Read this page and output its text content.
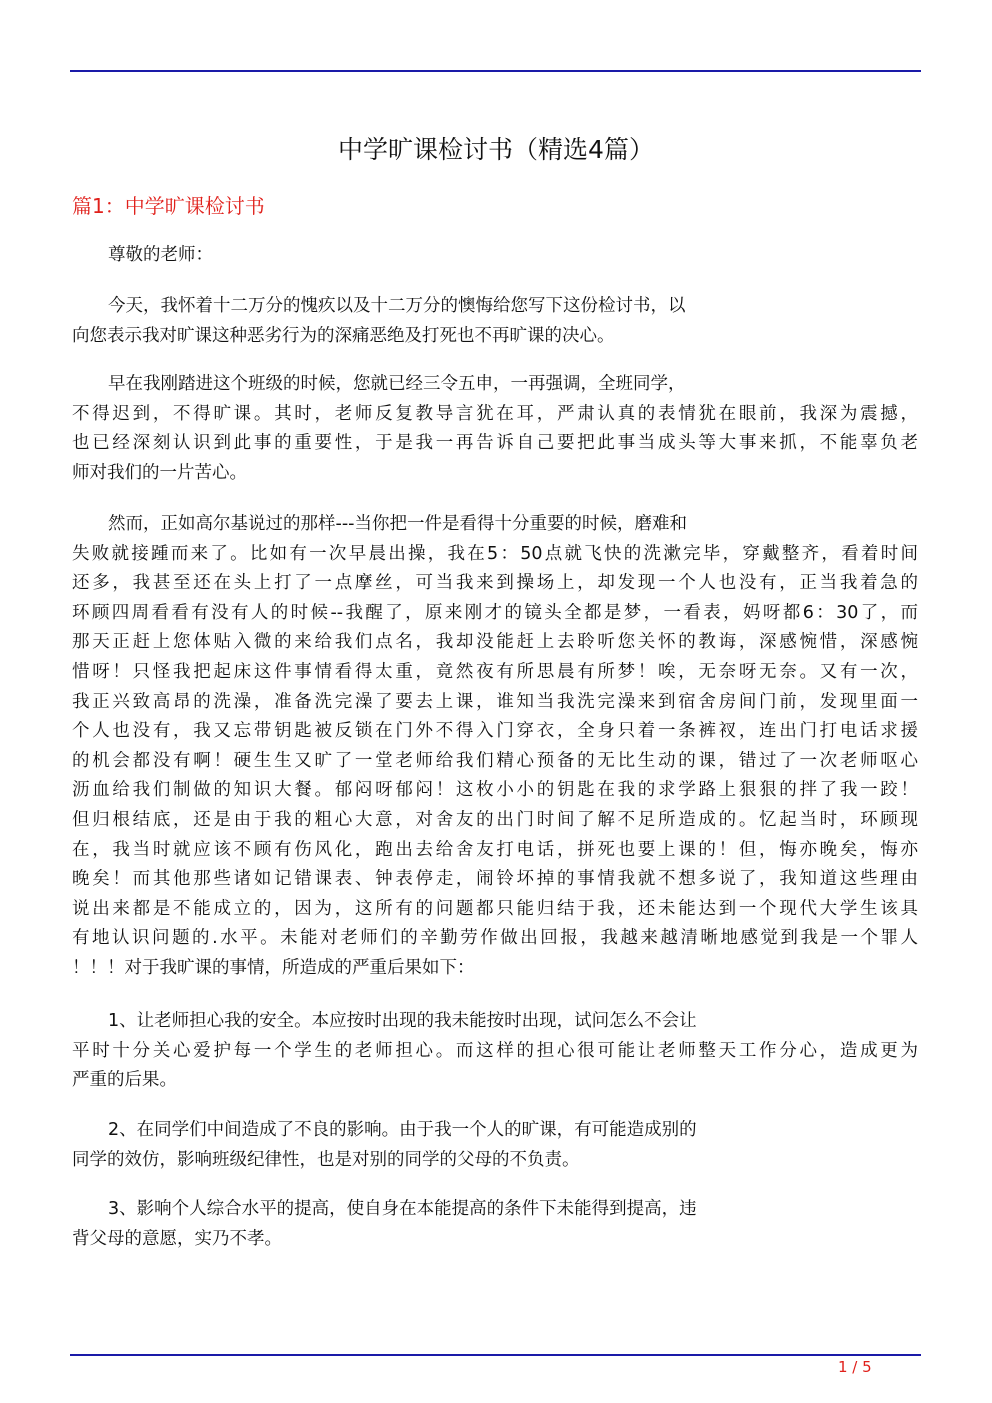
中学旷课检讨书（精选4篇）
篇1：中学旷课检讨书
尊敬的老师：
今天，我怀着十二万分的愧疚以及十二万分的懊悔给您写下这份检讨书，以
向您表示我对旷课这种恶劣行为的深痛恶绝及打死也不再旷课的决心。
早在我刚踏进这个班级的时候，您就已经三令五申，一再强调，全班同学，
不得迟到，不得旷课。其时，老师反复教导言犹在耳，严肃认真的表情犹在眼前，我深为震撼，
也已经深刻认识到此事的重要性，于是我一再告诉自己要把此事当成头等大事来抓，不能辜负老
师对我们的一片苦心。
然而，正如高尔基说过的那样---当你把一件是看得十分重要的时候，磨难和
失败就接踵而来了。比如有一次早晨出操，我在5：50点就飞快的洗漱完毕，穿戴整齐，看着时间
还多，我甚至还在头上打了一点摩丝，可当我来到操场上，却发现一个人也没有，正当我着急的
环顾四周看看有没有人的时候--我醒了，原来刚才的镜头全都是梦，一看表，妈呀都6：30了，而
那天正赶上您体贴入微的来给我们点名，我却没能赶上去聆听您关怀的教诲，深感惋惜，深感惋
惜呀！只怪我把起床这件事情看得太重，竟然夜有所思晨有所梦！唉，无奈呀无奈。又有一次，
我正兴致高昂的洗澡，准备洗完澡了要去上课，谁知当我洗完澡来到宿舍房间门前，发现里面一
个人也没有，我又忘带钥匙被反锁在门外不得入门穿衣，全身只着一条裤衩，连出门打电话求援
的机会都没有啊！硬生生又旷了一堂老师给我们精心预备的无比生动的课，错过了一次老师呕心
沥血给我们制做的知识大餐。郁闷呀郁闷！这枚小小的钥匙在我的求学路上狠狠的拌了我一跤！
但归根结底，还是由于我的粗心大意，对舍友的出门时间了解不足所造成的。忆起当时，环顾现
在，我当时就应该不顾有伤风化，跑出去给舍友打电话，拼死也要上课的！但，悔亦晚矣，悔亦
晚矣！而其他那些诸如记错课表、钟表停走，闹铃坏掉的事情我就不想多说了，我知道这些理由
说出来都是不能成立的，因为，这所有的问题都只能归结于我，还未能达到一个现代大学生该具
有地认识问题的.水平。未能对老师们的辛勤劳作做出回报，我越来越清晰地感觉到我是一个罪人
！！！对于我旷课的事情，所造成的严重后果如下：
1、让老师担心我的安全。本应按时出现的我未能按时出现，试问怎么不会让
平时十分关心爱护每一个学生的老师担心。而这样的担心很可能让老师整天工作分心，造成更为
严重的后果。
2、在同学们中间造成了不良的影响。由于我一个人的旷课，有可能造成别的
同学的效仿，影响班级纪律性，也是对别的同学的父母的不负责。
3、影响个人综合水平的提高，使自身在本能提高的条件下未能得到提高，违
背父母的意愿，实乃不孝。
1 / 5
